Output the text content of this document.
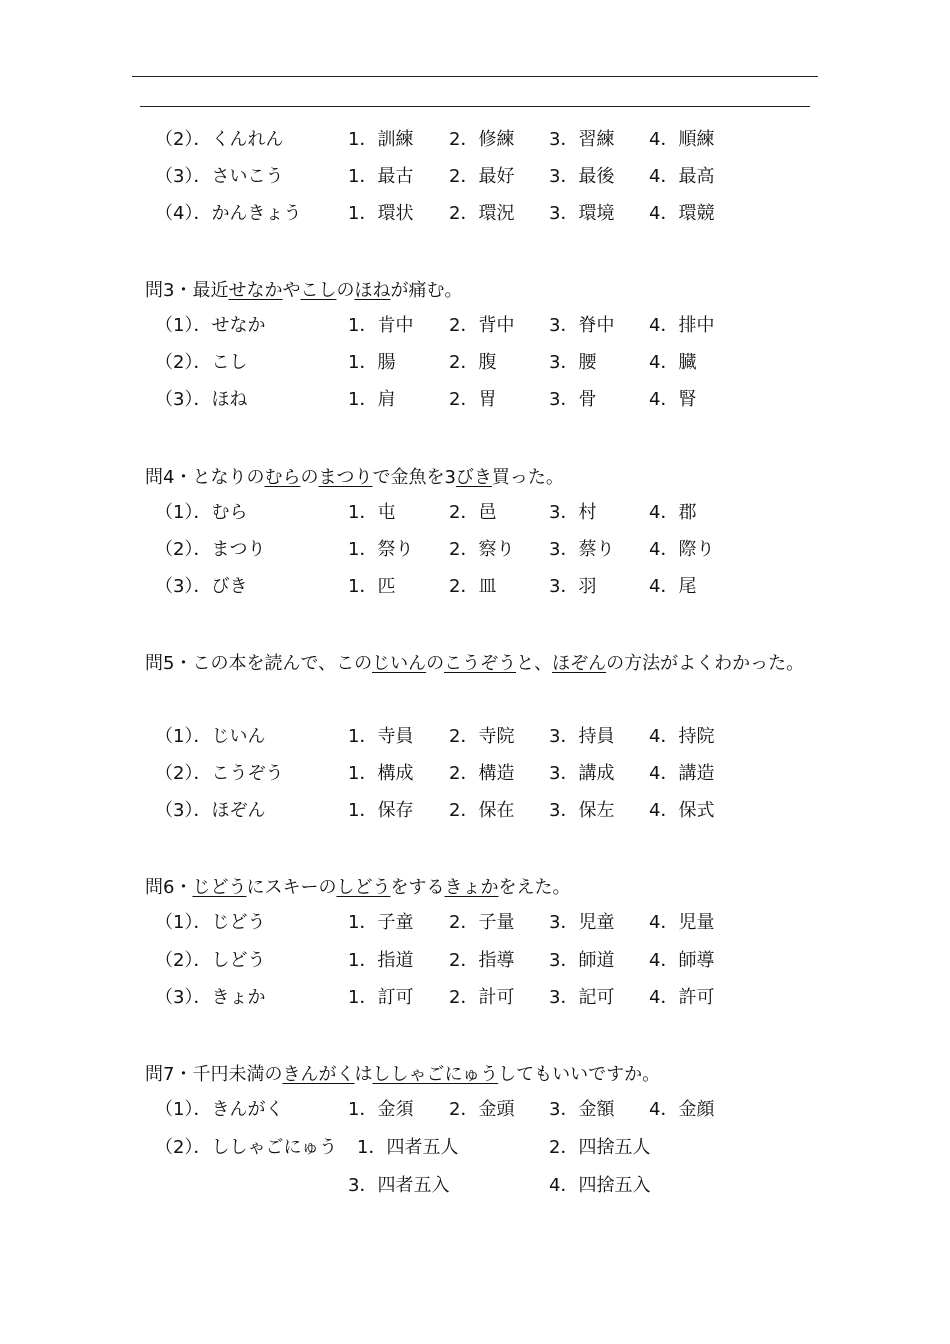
（2）．くんれん	1．訓練 2．修練 3．習練 4．順練
（3）．さいこう	1．最古 2．最好 3．最後 4．最高
（4）．かんきょう	1．環状 2．環況 3．環境 4．環競
問3・最近せなかやこしのほねが痛む。
（1）．せなか	1．肯中 2．背中 3．脊中 4．排中
（2）．こし	1．腸	2．腹	3．腰	4．臓
（3）．ほね	1．肩	2．胃	3．骨	4．腎
問4・となりのむらのまつりで金魚を3びき買った。
（1）．むら	1．屯	2．邑	3．村	4．郡
（2）．まつり	1．祭り 2．察り 3．蔡り 4．際り
（3）．びき	1．匹	2．皿	3．羽	4．尾
問5・この本を読んで、このじいんのこうぞうと、ほぞんの方法がよくわかった。
（1）．じいん	1．寺員 2．寺院 3．持員 4．持院
（2）．こうぞう	1．構成 2．構造 3．講成 4．講造
（3）．ほぞん	1．保存 2．保在 3．保左 4．保式
問6・じどうにスキーのしどうをするきょかをえた。
（1）．じどう	1．子童 2．子量 3．児童 4．児量
（2）．しどう	1．指道 2．指導 3．師道 4．師導
（3）．きょか	1．訂可 2．計可 3．記可 4．許可
問7・千円未満のきんがくはししゃごにゅうしてもいいですか。
（1）．きんがく	1．金須 2．金頭 3．金額 4．金顔
（2）．ししゃごにゅう 1．四者五人	2．四捨五人
3．四者五入	4．四捨五入
